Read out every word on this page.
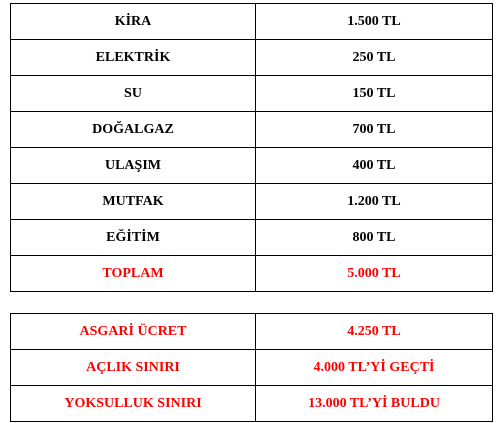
KİRA	1.500 TL
ELEKTRİK	250 TL
SU	150 TL
DOĞALGAZ	700 TL
ULAŞIM	400 TL
MUTFAK	1.200 TL
EĞİTİM	800 TL
TOPLAM	5.000 TL
ASGARİ ÜCRET	4.250 TL
AÇLIK SINIRI	4.000 TL’Yİ GEÇTİ
YOKSULLUK SINIRI	13.000 TL’Yİ BULDU
